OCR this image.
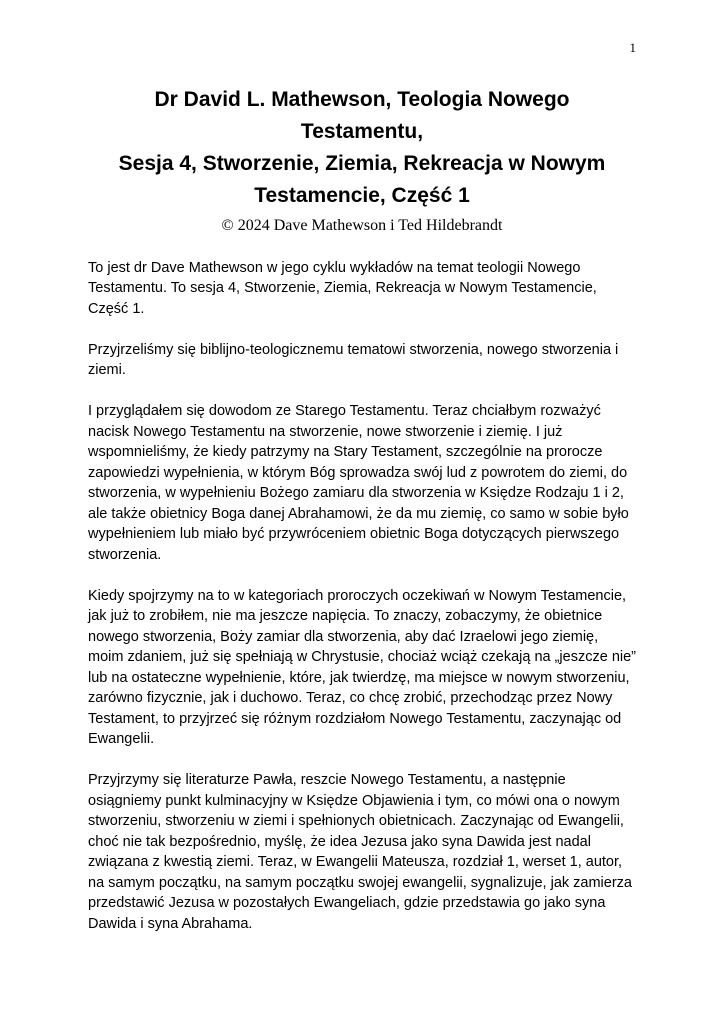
1
Dr David L. Mathewson, Teologia Nowego
Testamentu,
Sesja 4, Stworzenie, Ziemia, Rekreacja w Nowym
Testamencie, Część 1
© 2024 Dave Mathewson i Ted Hildebrandt

To jest dr Dave Mathewson w jego cyklu wykładów na temat teologii Nowego Testamentu. To sesja 4, Stworzenie, Ziemia, Rekreacja w Nowym Testamencie, Część 1.

Przyjrzeliśmy się biblijno-teologicznemu tematowi stworzenia, nowego stworzenia i ziemi.

I przyglądałem się dowodom ze Starego Testamentu. Teraz chciałbym rozważyć nacisk Nowego Testamentu na stworzenie, nowe stworzenie i ziemię. I już wspomnieliśmy, że kiedy patrzymy na Stary Testament, szczególnie na prorocze zapowiedzi wypełnienia, w którym Bóg sprowadza swój lud z powrotem do ziemi, do stworzenia, w wypełnieniu Bożego zamiaru dla stworzenia w Księdze Rodzaju 1 i 2, ale także obietnicy Boga danej Abrahamowi, że da mu ziemię, co samo w sobie było wypełnieniem lub miało być przywróceniem obietnic Boga dotyczących pierwszego stworzenia.

Kiedy spojrzymy na to w kategoriach proroczych oczekiwań w Nowym Testamencie, jak już to zrobiłem, nie ma jeszcze napięcia. To znaczy, zobaczymy, że obietnice nowego stworzenia, Boży zamiar dla stworzenia, aby dać Izraelowi jego ziemię, moim zdaniem, już się spełniają w Chrystusie, chociaż wciąż czekają na „jeszcze nie” lub na ostateczne wypełnienie, które, jak twierdzę, ma miejsce w nowym stworzeniu, zarówno fizycznie, jak i duchowo. Teraz, co chcę zrobić, przechodząc przez Nowy Testament, to przyjrzeć się różnym rozdziałom Nowego Testamentu, zaczynając od Ewangelii.

Przyjrzymy się literaturze Pawła, reszcie Nowego Testamentu, a następnie osiągniemy punkt kulminacyjny w Księdze Objawienia i tym, co mówi ona o nowym stworzeniu, stworzeniu w ziemi i spełnionych obietnicach. Zaczynając od Ewangelii, choć nie tak bezpośrednio, myślę, że idea Jezusa jako syna Dawida jest nadal związana z kwestią ziemi. Teraz, w Ewangelii Mateusza, rozdział 1, werset 1, autor, na samym początku, na samym początku swojej ewangelii, sygnalizuje, jak zamierza przedstawić Jezusa w pozostałych Ewangeliach, gdzie przedstawia go jako syna Dawida i syna Abrahama.
